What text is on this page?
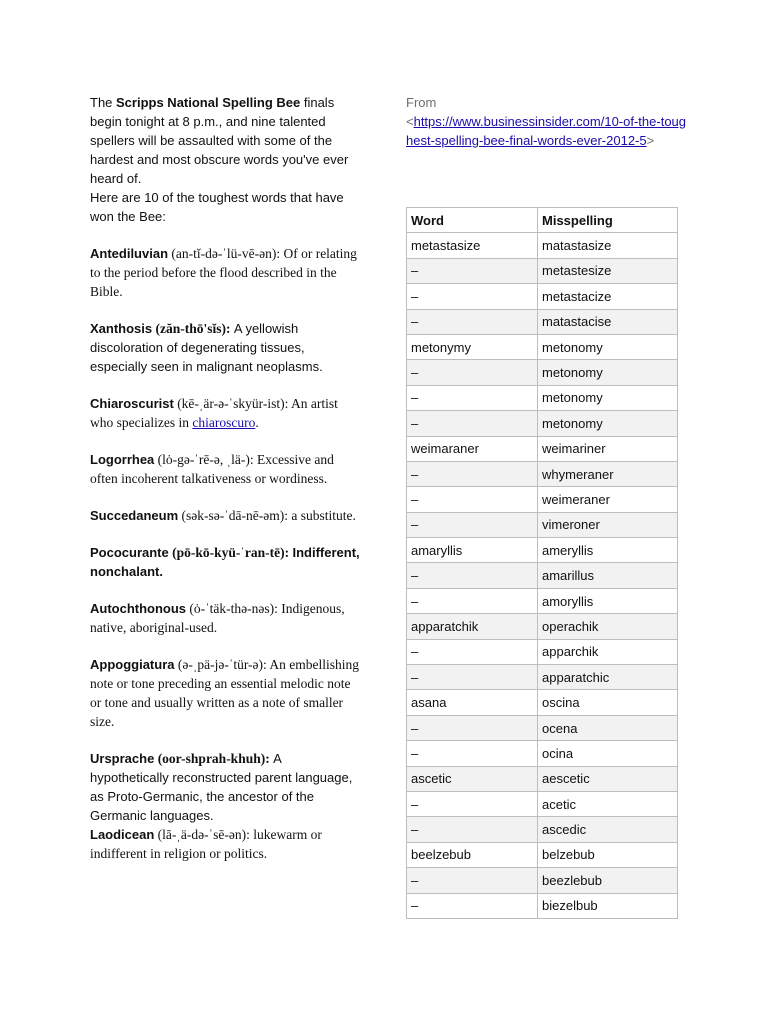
The Scripps National Spelling Bee finals begin tonight at 8 p.m., and nine talented spellers will be assaulted with some of the hardest and most obscure words you've ever heard of.
Here are 10 of the toughest words that have won the Bee:

Antediluvian (an-tĭ-də-ˈlü-vē-ən): Of or relating to the period before the flood described in the Bible.

Xanthosis (zăn-thō'sĭs): A yellowish discoloration of degenerating tissues, especially seen in malignant neoplasms.

Chiaroscurist (kē-ˌär-ə-ˈskyür-ist): An artist who specializes in chiaroscuro.

Logorrhea (lȯ-gə-ˈrē-ə, ˌlä-): Excessive and often incoherent talkativeness or wordiness.

Succedaneum (sək-sə-ˈdā-nē-əm): a substitute.

Pococurante (pō-kō-kyü-ˈran-tē): Indifferent, nonchalant.

Autochthonous (ȯ-ˈtäk-thə-nəs): Indigenous, native, aboriginal-used.

Appoggiatura (ə-ˌpä-jə-ˈtür-ə): An embellishing note or tone preceding an essential melodic note or tone and usually written as a note of smaller size.

Ursprache (oor-shprah-khuh): A hypothetically reconstructed parent language, as Proto-Germanic, the ancestor of the Germanic languages.

Laodicean (lā-ˌä-də-ˈsē-ən): lukewarm or indifferent in religion or politics.

From
<https://www.businessinsider.com/10-of-the-toughest-spelling-bee-final-words-ever-2012-5>
Word	Misspelling
metastasize	matastasize
–	metastesize
–	metastacize
–	matastacise
metonymy	metonomy
–	metonomy
–	metonomy
–	metonomy
weimaraner	weimariner
–	whymeraner
–	weimeraner
–	vimeroner
amaryllis	ameryllis
–	amarillus
–	amoryllis
apparatchik	operachik
–	apparchik
–	apparatchic
asana	oscina
–	ocena
–	ocina
ascetic	aescetic
–	acetic
–	ascedic
beelzebub	belzebub
–	beezlebub
–	biezelbub
